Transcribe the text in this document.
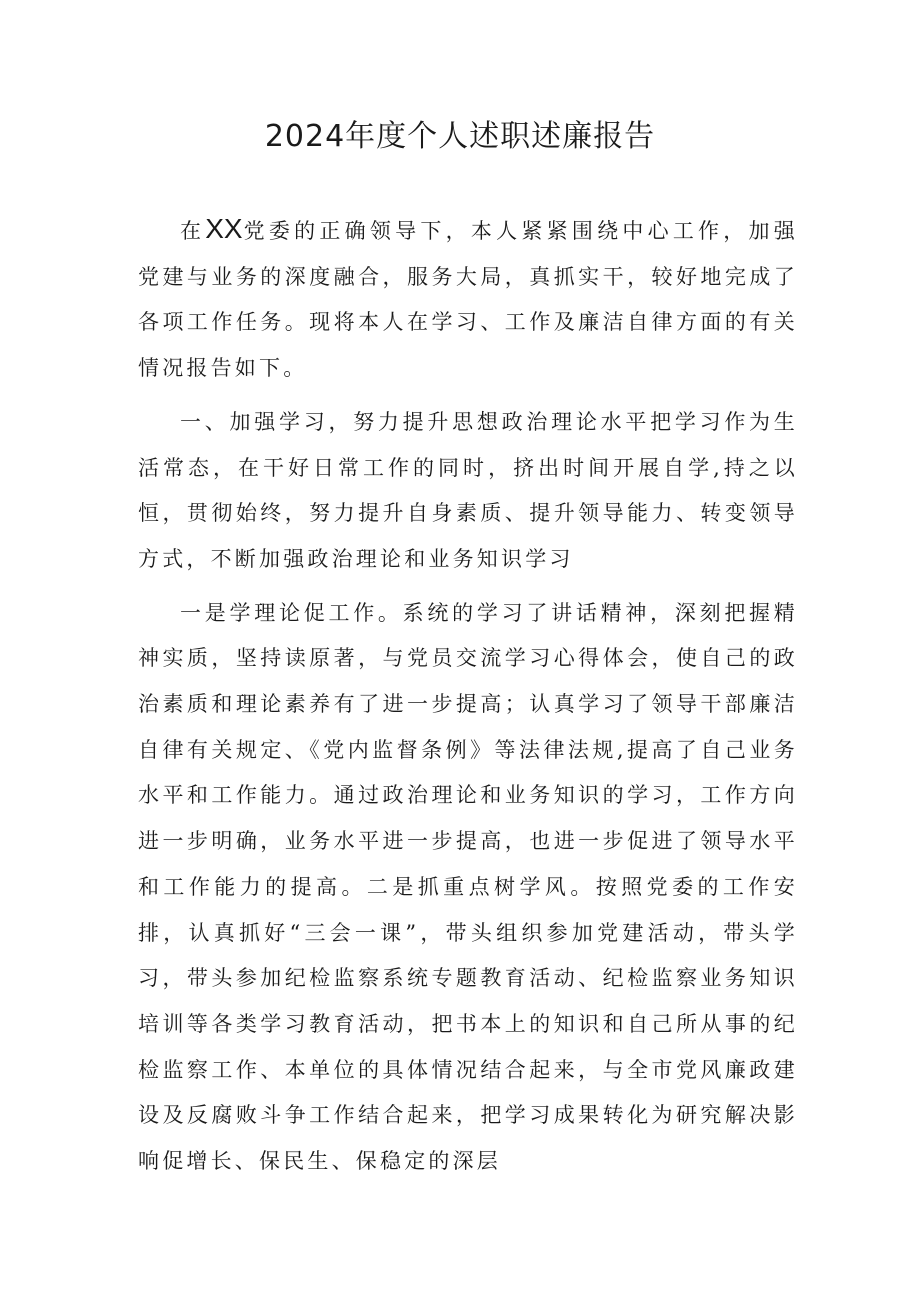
2024年度个人述职述廉报告

在XX党委的正确领导下，本人紧紧围绕中心工作，加强党建与业务的深度融合，服务大局，真抓实干，较好地完成了各项工作任务。现将本人在学习、工作及廉洁自律方面的有关情况报告如下。

一、加强学习，努力提升思想政治理论水平把学习作为生活常态，在干好日常工作的同时，挤出时间开展自学,持之以恒，贯彻始终，努力提升自身素质、提升领导能力、转变领导方式，不断加强政治理论和业务知识学习

一是学理论促工作。系统的学习了讲话精神，深刻把握精神实质，坚持读原著，与党员交流学习心得体会，使自己的政治素质和理论素养有了进一步提高；认真学习了领导干部廉洁自律有关规定、《党内监督条例》等法律法规,提高了自己业务水平和工作能力。通过政治理论和业务知识的学习，工作方向进一步明确，业务水平进一步提高，也进一步促进了领导水平和工作能力的提高。二是抓重点树学风。按照党委的工作安排，认真抓好“三会一课”，带头组织参加党建活动，带头学习，带头参加纪检监察系统专题教育活动、纪检监察业务知识培训等各类学习教育活动，把书本上的知识和自己所从事的纪检监察工作、本单位的具体情况结合起来，与全市党风廉政建设及反腐败斗争工作结合起来，把学习成果转化为研究解决影响促增长、保民生、保稳定的深层
